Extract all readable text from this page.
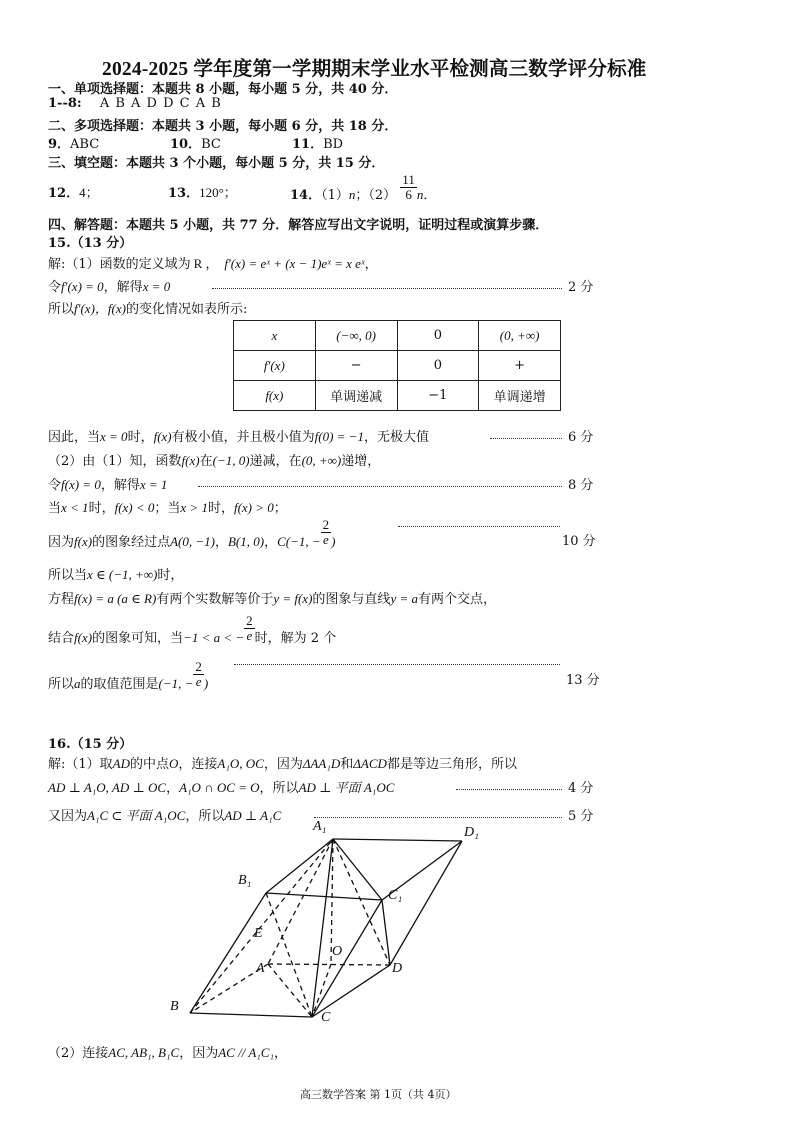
2024-2025 学年度第一学期期末学业水平检测高三数学评分标准
一、单项选择题：本题共 8 小题，每小题 5 分，共 40 分．
1--8: A B A D D C A B
二、多项选择题：本题共 3 小题，每小题 6 分，共 18 分．
9．ABC	10．BC	11．BD
三、填空题：本题共 3 个小题，每小题 5 分，共 15 分．
12．4；	13．120°；	14．（1）n；$(2) \frac{11}{6}$ n．
四、解答题：本题共 5 小题，共 77 分．解答应写出文字说明，证明过程或演算步骤．
15.（13 分）
解:（1）函数的定义域为 R ， f′(x) = eˣ + (x − 1)eˣ = x eˣ，
令f′(x) = 0，解得x = 0	2 分
所以f′(x)，f(x)的变化情况如表所示:
x	(−∞, 0)	0	(0, +∞)
f′(x)	−	0	+
f(x)	单调递减	−1	单调递增
因此，当x = 0时，f(x)有极小值，并且极小值为f(0) = −1，无极大值	6 分
（2）由（1）知，函数f(x)在(−1, 0)递减，在(0, +∞)递增，
令f(x) = 0，解得x = 1	8 分
当x < 1时，f(x) < 0；当x > 1时，f(x) > 0；
因为f(x)的图象经过点A(0, −1)，B(1, 0)，C(−1, − $\frac{2}{e}$ )	10 分
所以当x ∈ (−1, +∞)时，
方程f(x) = a (a ∈ R)有两个实数解等价于y = f(x)的图象与直线y = a有两个交点，
结合f(x)的图象可知，当−1 < a < − $\frac{2}{e}$ 时，解为 2 个
所以a的取值范围是(−1, − $\frac{2}{e}$ )	13 分
16.（15 分）
解:（1）取AD的中点O，连接A₁O, OC，因为ΔAA₁D和ΔACD都是等边三角形，所以
AD ⊥ A₁O, AD ⊥ OC，A₁O ∩ OC = O，所以AD ⊥ 平面 A₁OC	4 分
又因为A₁C ⊂ 平面 A₁OC，所以AD ⊥ A₁C	5 分
A₁	D₁
B₁
C₁
E
O
A	D
B
C
（2）连接AC, AB₁, B₁C，因为AC // A₁C₁，
高三数学答案 第 1页（共 4页）
